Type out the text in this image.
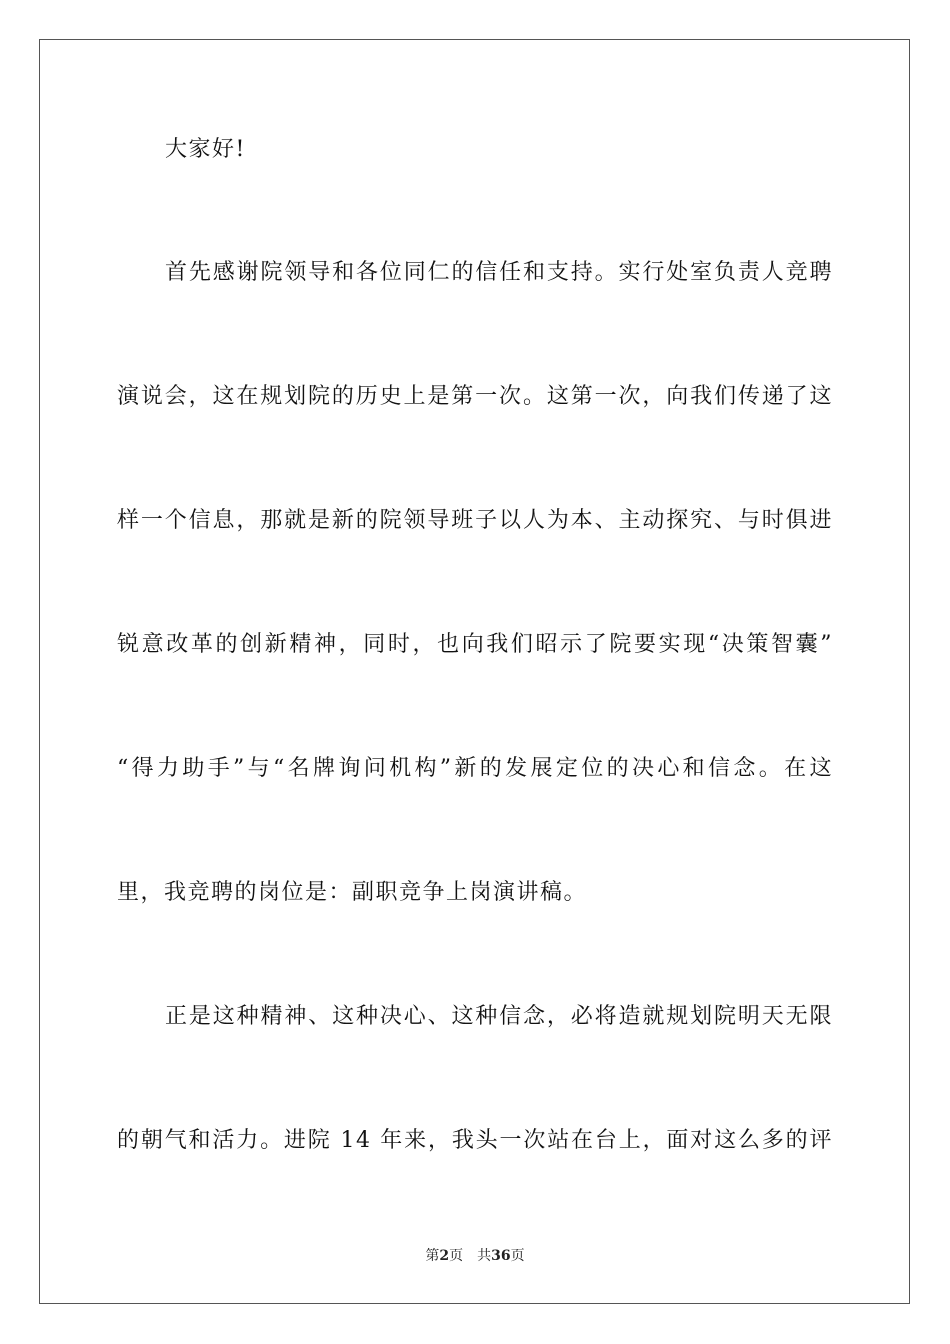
大家好!
首先感谢院领导和各位同仁的信任和支持。实行处室负责人竞聘
演说会，这在规划院的历史上是第一次。这第一次，向我们传递了这
样一个信息，那就是新的院领导班子以人为本、主动探究、与时俱进
锐意改革的创新精神，同时，也向我们昭示了院要实现“决策智囊”
“得力助手”与“名牌询问机构”新的发展定位的决心和信念。在这
里，我竞聘的岗位是：副职竞争上岗演讲稿。
正是这种精神、这种决心、这种信念，必将造就规划院明天无限
的朝气和活力。进院 14 年来，我头一次站在台上，面对这么多的评
第2页 共36页
